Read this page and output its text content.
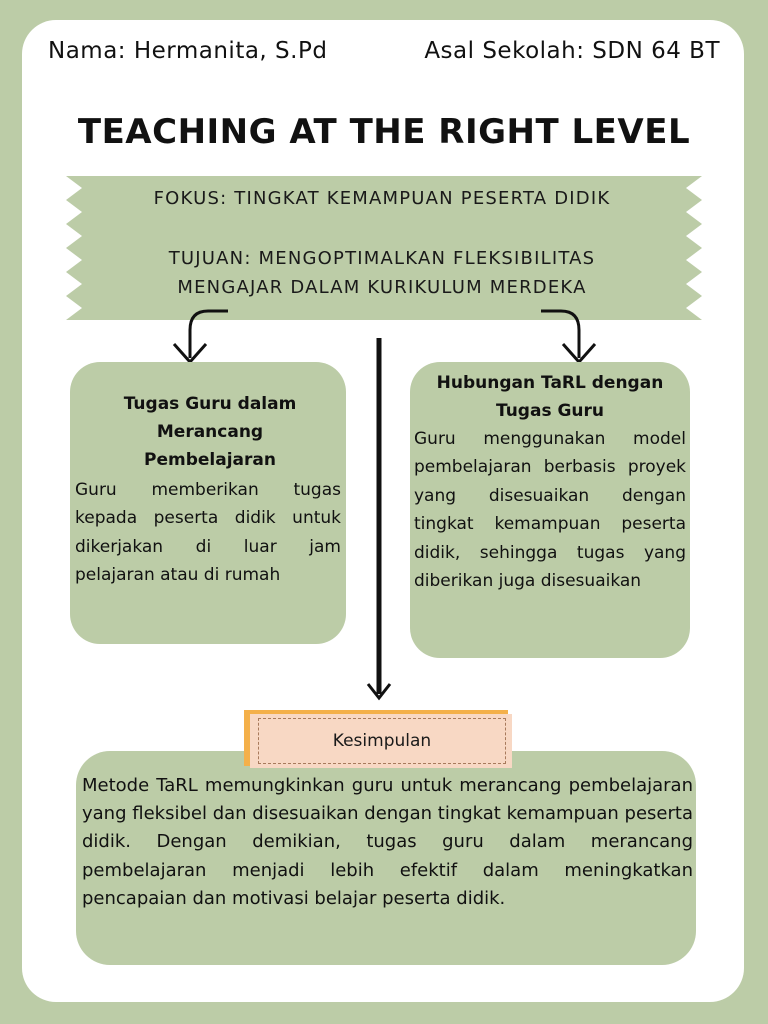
Nama: Hermanita, S.Pd	Asal Sekolah: SDN 64 BT
TEACHING AT THE RIGHT LEVEL
FOKUS: TINGKAT KEMAMPUAN PESERTA DIDIK
TUJUAN: MENGOPTIMALKAN FLEKSIBILITAS
MENGAJAR DALAM KURIKULUM MERDEKA
Tugas Guru dalam Merancang Pembelajaran
Guru memberikan tugas kepada peserta didik untuk dikerjakan di luar jam pelajaran atau di rumah
Hubungan TaRL dengan Tugas Guru
Guru menggunakan model pembelajaran berbasis proyek yang disesuaikan dengan tingkat kemampuan peserta didik, sehingga tugas yang diberikan juga disesuaikan
Kesimpulan
Metode TaRL memungkinkan guru untuk merancang pembelajaran yang fleksibel dan disesuaikan dengan tingkat kemampuan peserta didik. Dengan demikian, tugas guru dalam merancang pembelajaran menjadi lebih efektif dalam meningkatkan pencapaian dan motivasi belajar peserta didik.
